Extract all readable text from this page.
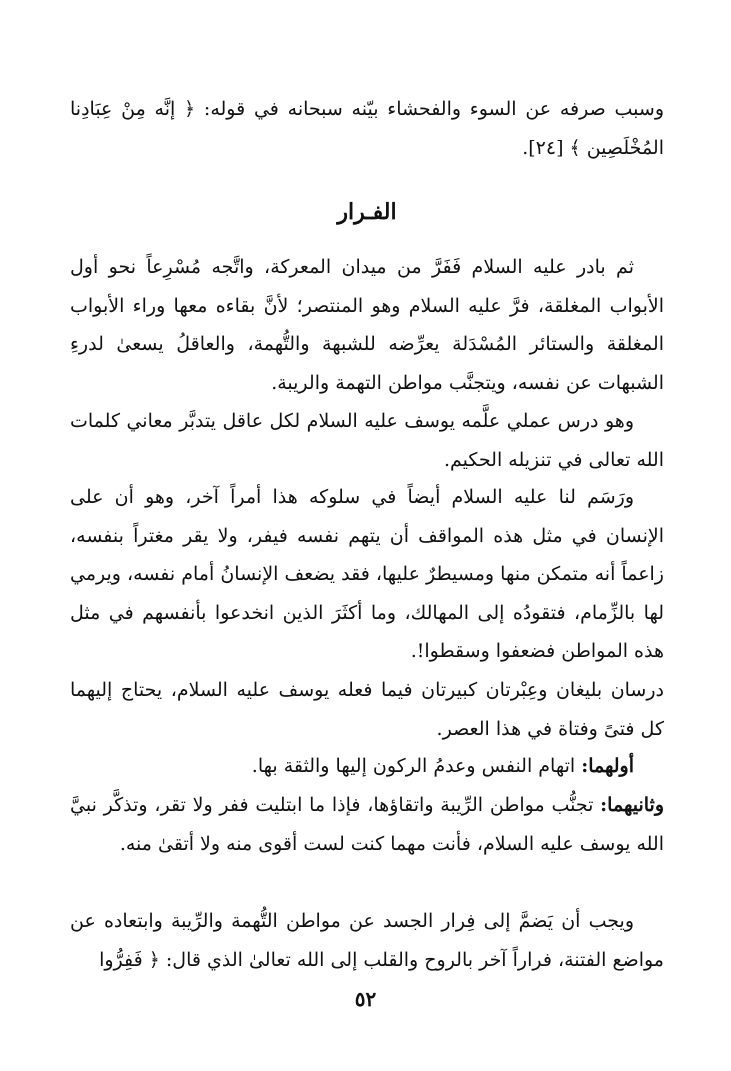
وسبب صرفه عن السوء والفحشاء بيّنه سبحانه في قوله: ﴿ إنَّه مِنْ عِبَادِنا المُخْلَصِين ﴾ [٢٤].

الفـرار

ثم بادر عليه السلام فَفَرَّ من ميدان المعركة، واتَّجه مُسْرِعاً نحو أول الأبواب المغلقة، فرَّ عليه السلام وهو المنتصر؛ لأنَّ بقاءه معها وراء الأبواب المغلقة والستائر المُسْدَلة يعرِّضه للشبهة والتُّهمة، والعاقلُ يسعىٰ لدرءِ الشبهات عن نفسه، ويتجنَّب مواطن التهمة والريبة.

وهو درس عملي علَّمه يوسف عليه السلام لكل عاقل يتدبَّر معاني كلمات الله تعالى في تنزيله الحكيم.

ورَسَم لنا عليه السلام أيضاً في سلوكه هذا أمراً آخر، وهو أن على الإنسان في مثل هذه المواقف أن يتهم نفسه فيفر، ولا يقر مغتراً بنفسه، زاعماً أنه متمكن منها ومسيطرٌ عليها، فقد يضعف الإنسانُ أمام نفسه، ويرمي لها بالزِّمام، فتقودُه إلى المهالك، وما أكثَرَ الذين انخدعوا بأنفسهم في مثل هذه المواطن فضعفوا وسقطوا!.

درسان بليغان وعِبْرتان كبيرتان فيما فعله يوسف عليه السلام، يحتاج إليهما كل فتىً وفتاة في هذا العصر.

أولهما: اتهام النفس وعدمُ الركون إليها والثقة بها.

وثانيهما: تجنُّب مواطن الرِّيبة واتقاؤها، فإذا ما ابتليت ففر ولا تقر، وتذكَّر نبيَّ الله يوسف عليه السلام، فأنت مهما كنت لست أقوى منه ولا أتقىٰ منه.

ويجب أن يَضمَّ إلى فِرار الجسد عن مواطن التُّهمة والرِّيبة وابتعاده عن مواضع الفتنة، فراراً آخر بالروح والقلب إلى الله تعالىٰ الذي قال: ﴿ فَفِرُّوا

٥٢
